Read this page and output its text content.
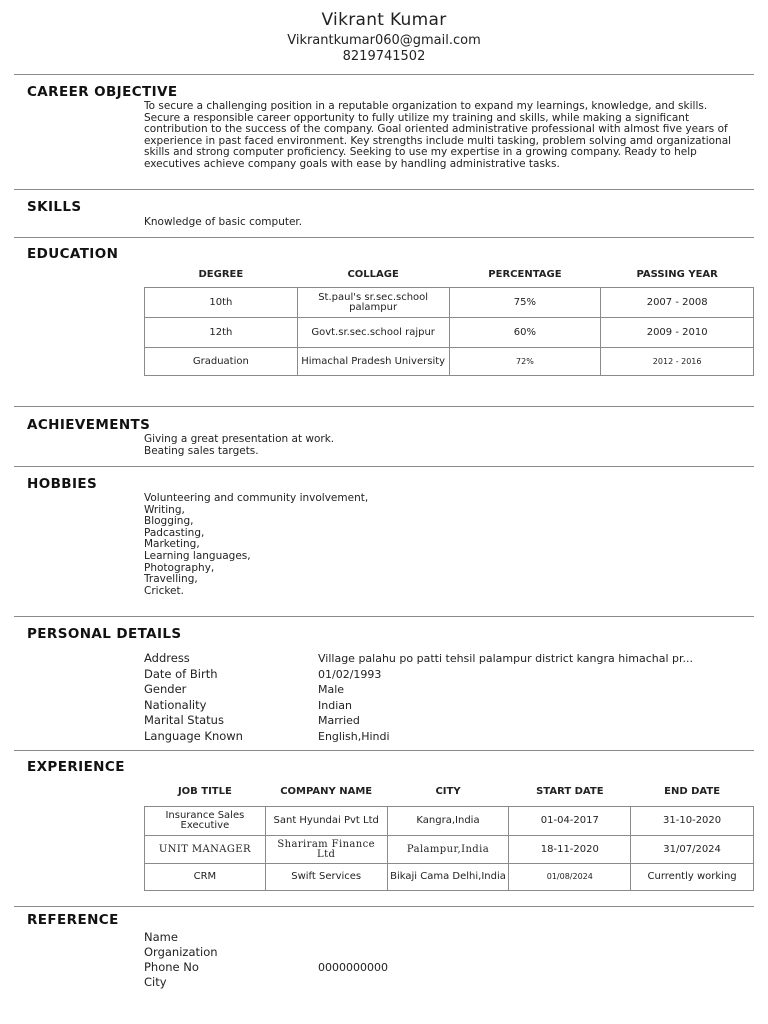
Vikrant Kumar
Vikrantkumar060@gmail.com
8219741502
CAREER OBJECTIVE
To secure a challenging position in a reputable organization to expand my learnings, knowledge, and skills. Secure a responsible career opportunity to fully utilize my training and skills, while making a significant contribution to the success of the company. Goal oriented administrative professional with almost five years of experience in past faced environment. Key strengths include multi tasking, problem solving amd organizational skills and strong computer proficiency. Seeking to use my expertise in a growing company. Ready to help executives achieve company goals with ease by handling administrative tasks.
SKILLS
Knowledge of basic computer.
EDUCATION
DEGREE	COLLAGE	PERCENTAGE	PASSING YEAR
10th	St.paul's sr.sec.school palampur	75%	2007 - 2008
12th	Govt.sr.sec.school rajpur	60%	2009 - 2010
Graduation	Himachal Pradesh University	72%	2012 - 2016
ACHIEVEMENTS
Giving a great presentation at work.
Beating sales targets.
HOBBIES
Volunteering and community involvement,
Writing,
Blogging,
Padcasting,
Marketing,
Learning languages,
Photography,
Travelling,
Cricket.
PERSONAL DETAILS
Address	Village palahu po patti tehsil palampur district kangra himachal pr...
Date of Birth	01/02/1993
Gender	Male
Nationality	Indian
Marital Status	Married
Language Known	English,Hindi
EXPERIENCE
JOB TITLE	COMPANY NAME	CITY	START DATE	END DATE
Insurance Sales Executive	Sant Hyundai Pvt Ltd	Kangra,India	01-04-2017	31-10-2020
UNIT MANAGER	Shariram Finance Ltd	Palampur,India	18-11-2020	31/07/2024
CRM	Swift Services	Bikaji Cama Delhi,India	01/08/2024	Currently working
REFERENCE
Name
Organization
Phone No	0000000000
City
